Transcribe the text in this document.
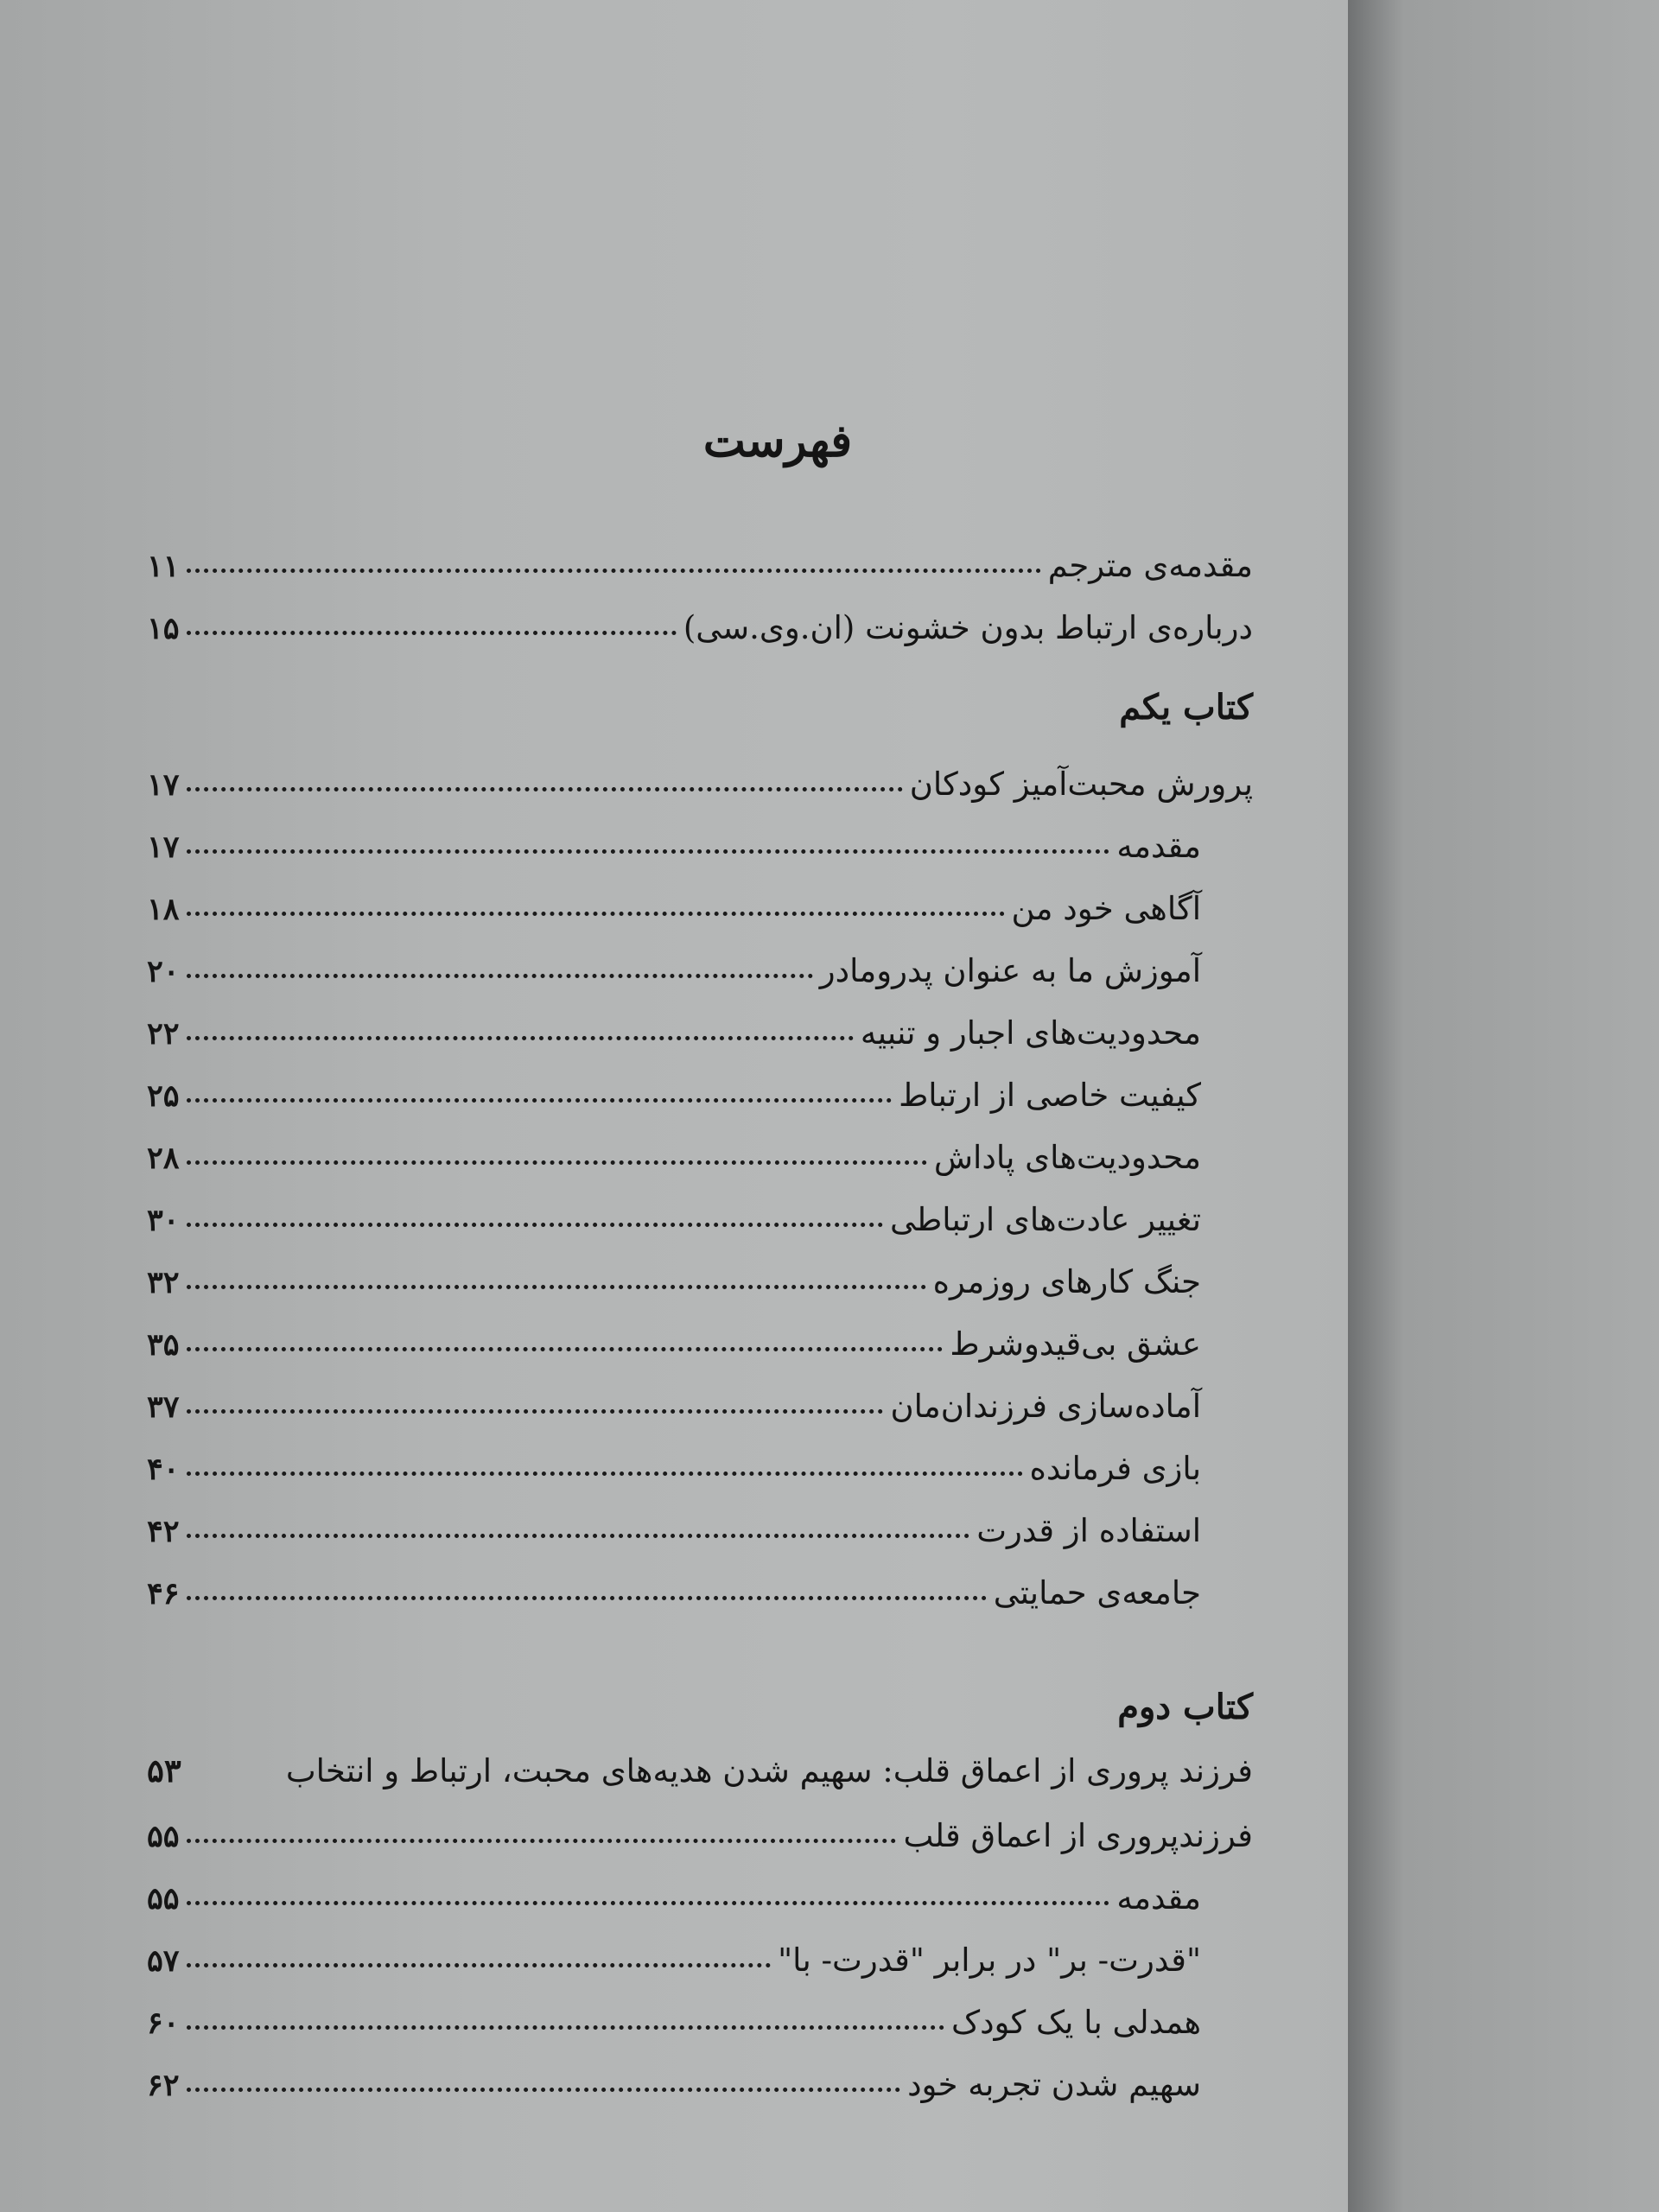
فهرست
مقدمه‌ی مترجم
۱۱
درباره‌ی ارتباط بدون خشونت (ان.وی.سی)
۱۵
کتاب یکم
پرورش محبت‌آمیز کودکان
۱۷
مقدمه
۱۷
آگاهی خود من
۱۸
آموزش ما به عنوان پدرومادر
۲۰
محدودیت‌های اجبار و تنبیه
۲۲
کیفیت خاصی از ارتباط
۲۵
محدودیت‌های پاداش
۲۸
تغییر عادت‌های ارتباطی
۳۰
جنگ کارهای روزمره
۳۲
عشق بی‌قیدوشرط
۳۵
آماده‌سازی فرزندان‌مان
۳۷
بازی فرمانده
۴۰
استفاده از قدرت
۴۲
جامعه‌ی حمایتی
۴۶
کتاب دوم
فرزند پروری از اعماق قلب: سهیم شدن هدیه‌های محبت، ارتباط و انتخاب
۵۳
فرزندپروری از اعماق قلب
۵۵
مقدمه
۵۵
"قدرت- بر" در برابر "قدرت- با"
۵۷
همدلی با یک کودک
۶۰
سهیم شدن تجربه خود
۶۲
